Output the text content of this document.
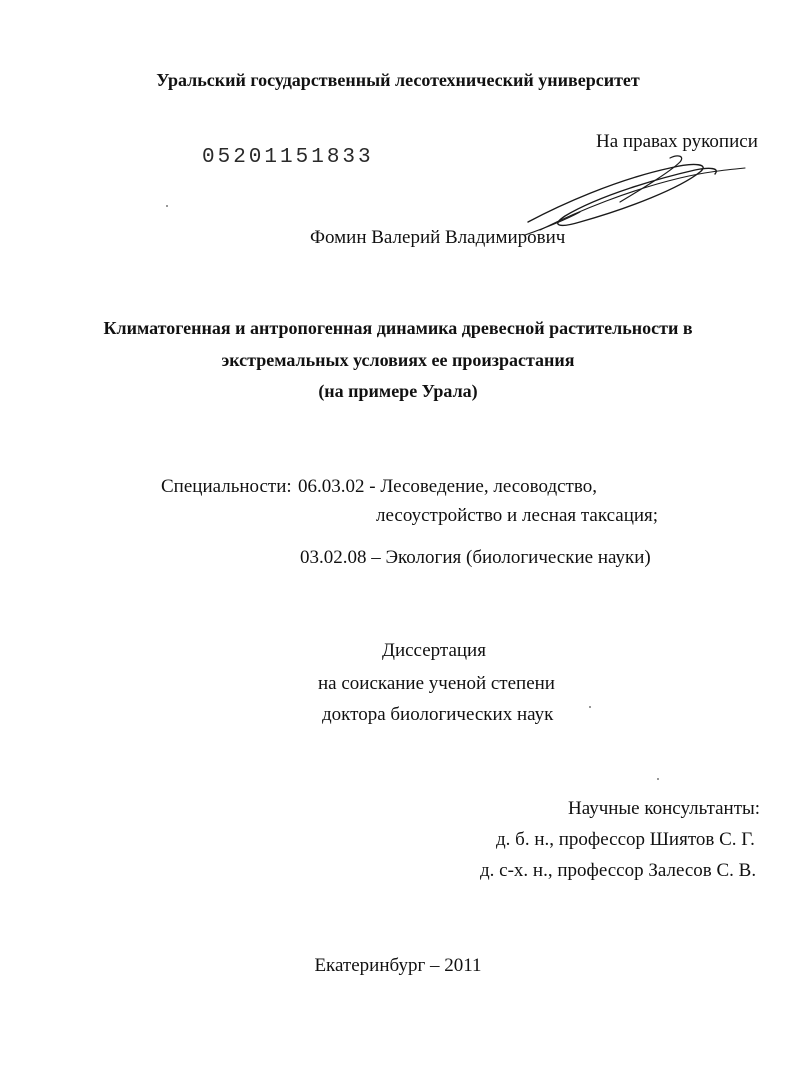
Уральский государственный лесотехнический университет
05201151833
На правах рукописи
Фомин Валерий Владимирович
Климатогенная и антропогенная динамика древесной растительности в
экстремальных условиях ее произрастания
(на примере Урала)
Специальности: 06.03.02 - Лесоведение, лесоводство,
лесоустройство и лесная таксация;
03.02.08 – Экология (биологические науки)
Диссертация
на соискание ученой степени
доктора биологических наук
Научные консультанты:
д. б. н., профессор Шиятов С. Г.
д. с-х. н., профессор Залесов С. В.
Екатеринбург – 2011
